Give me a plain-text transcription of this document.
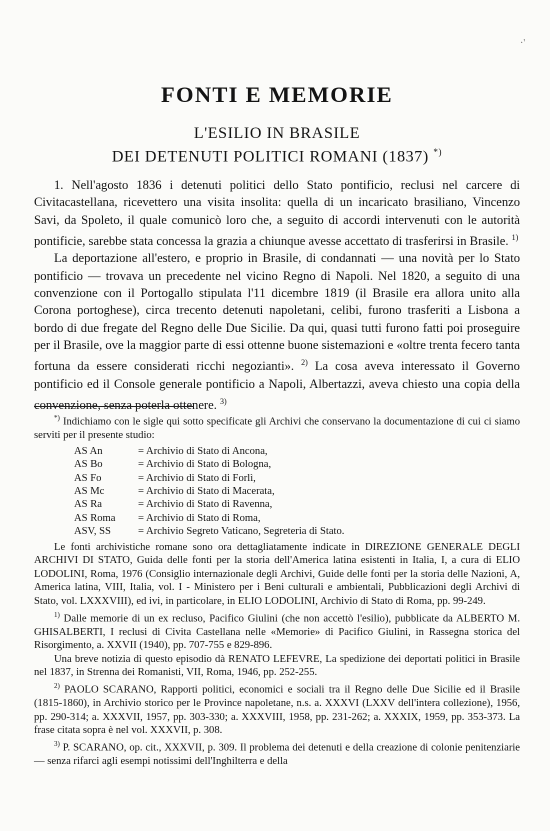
FONTI E MEMORIE
L'ESILIO IN BRASILE
DEI DETENUTI POLITICI ROMANI (1837) *)

1. Nell'agosto 1836 i detenuti politici dello Stato pontificio, reclusi nel carcere di Civitacastellana, ricevettero una visita insolita: quella di un incaricato brasiliano, Vincenzo Savi, da Spoleto, il quale comunicò loro che, a seguito di accordi intervenuti con le autorità pontificie, sarebbe stata concessa la grazia a chiunque avesse accettato di trasferirsi in Brasile. $^{1)}$

La deportazione all'estero, e proprio in Brasile, di condannati — una novità per lo Stato pontificio — trovava un precedente nel vicino Regno di Napoli. Nel 1820, a seguito di una convenzione con il Portogallo stipulata l'11 dicembre 1819 (il Brasile era allora unito alla Corona portoghese), circa trecento detenuti napoletani, celibi, furono trasferiti a Lisbona a bordo di due fregate del Regno delle Due Sicilie. Da qui, quasi tutti furono fatti poi proseguire per il Brasile, ove la maggior parte di essi ottenne buone sistemazioni e «oltre trenta fecero tanta fortuna da essere considerati ricchi negozianti». $^{2)}$ La cosa aveva interessato il Governo pontificio ed il Console generale pontificio a Napoli, Albertazzi, aveva chiesto una copia della convenzione, senza poterla ottenere. $^{3)}$

*) Indichiamo con le sigle qui sotto specificate gli Archivi che conservano la documentazione di cui ci siamo serviti per il presente studio:

AS An	= Archivio di Stato di Ancona,
AS Bo	= Archivio di Stato di Bologna,
AS Fo	= Archivio di Stato di Forlì,
AS Mc	= Archivio di Stato di Macerata,
AS Ra	= Archivio di Stato di Ravenna,
AS Roma	= Archivio di Stato di Roma,
ASV, SS	= Archivio Segreto Vaticano, Segreteria di Stato.

Le fonti archivistiche romane sono ora dettagliatamente indicate in DIREZIONE GENERALE DEGLI ARCHIVI DI STATO, Guida delle fonti per la storia dell'America latina esistenti in Italia, I, a cura di ELIO LODOLINI, Roma, 1976 (Consiglio internazionale degli Archivi, Guide delle fonti per la storia delle Nazioni, A, America latina, VIII, Italia, vol. I - Ministero per i Beni culturali e ambientali, Pubblicazioni degli Archivi di Stato, vol. LXXXVIII), ed ivi, in particolare, in ELIO LODOLINI, Archivio di Stato di Roma, pp. 99-249.

$^{1)}$ Dalle memorie di un ex recluso, Pacifico Giulini (che non accettò l'esilio), pubblicate da ALBERTO M. GHISALBERTI, I reclusi di Civita Castellana nelle «Memorie» di Pacifico Giulini, in Rassegna storica del Risorgimento, a. XXVII (1940), pp. 707-755 e 829-896.

Una breve notizia di questo episodio dà RENATO LEFEVRE, La spedizione dei deportati politici in Brasile nel 1837, in Strenna dei Romanisti, VII, Roma, 1946, pp. 252-255.

$^{2)}$ PAOLO SCARANO, Rapporti politici, economici e sociali tra il Regno delle Due Sicilie ed il Brasile (1815-1860), in Archivio storico per le Province napoletane, n.s. a. XXXVI (LXXV dell'intera collezione), 1956, pp. 290-314; a. XXXVII, 1957, pp. 303-330; a. XXXVIII, 1958, pp. 231-262; a. XXXIX, 1959, pp. 353-373. La frase citata sopra è nel vol. XXXVII, p. 308.

$^{3)}$ P. SCARANO, op. cit., XXXVII, p. 309. Il problema dei detenuti e della creazione di colonie penitenziarie — senza rifarci agli esempi notissimi dell'Inghilterra e della

·'
